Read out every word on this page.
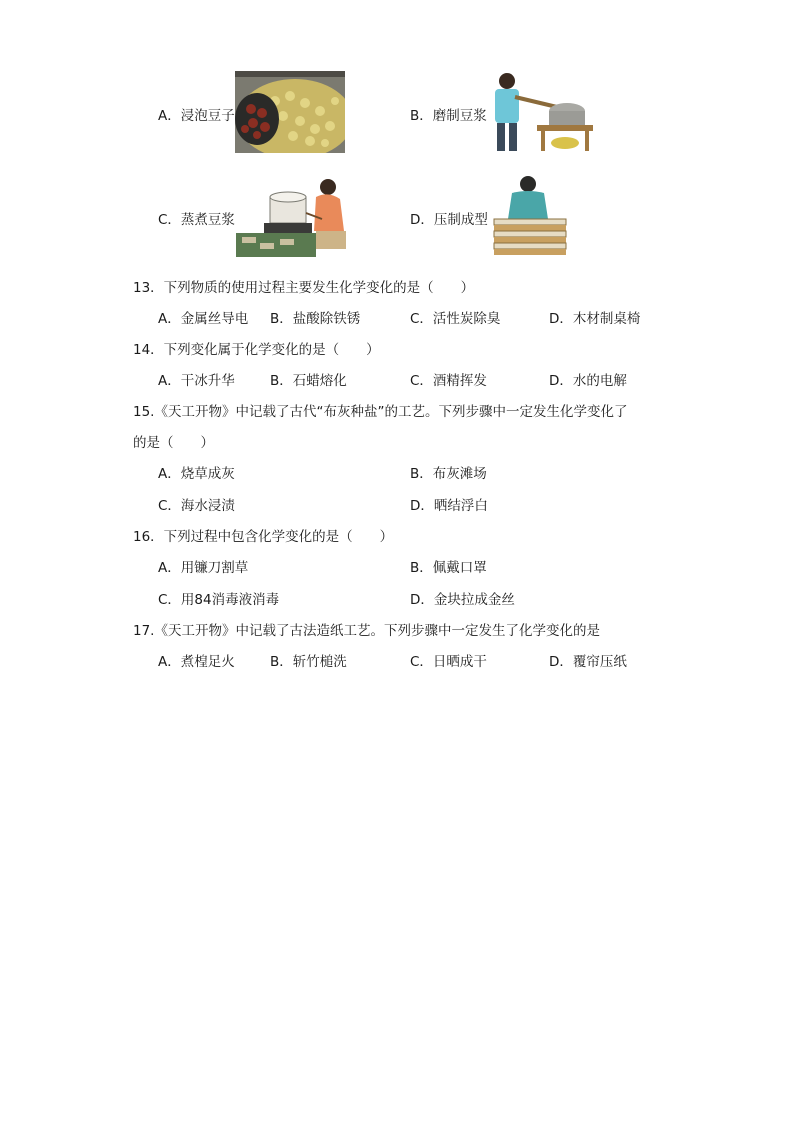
A．浸泡豆子	B．磨制豆浆
C．蒸煮豆浆	D．压制成型
13．下列物质的使用过程主要发生化学变化的是（　　）
A．金属丝导电 B．盐酸除铁锈	C．活性炭除臭	D．木材制桌椅
14．下列变化属于化学变化的是（　　）
A．干冰升华	B．石蜡熔化	C．酒精挥发	D．水的电解
15.《天工开物》中记载了古代“布灰种盐”的工艺。下列步骤中一定发生化学变化了
的是（　　）
A．烧草成灰	B．布灰滩场
C．海水浸渍	D．晒结浮白
16．下列过程中包含化学变化的是（　　）
A．用镰刀割草	B．佩戴口罩
C．用84消毒液消毒	D．金块拉成金丝
17.《天工开物》中记载了古法造纸工艺。下列步骤中一定发生了化学变化的是
A．煮楻足火	B．斩竹槌洗	C．日晒成干	D．覆帘压纸
